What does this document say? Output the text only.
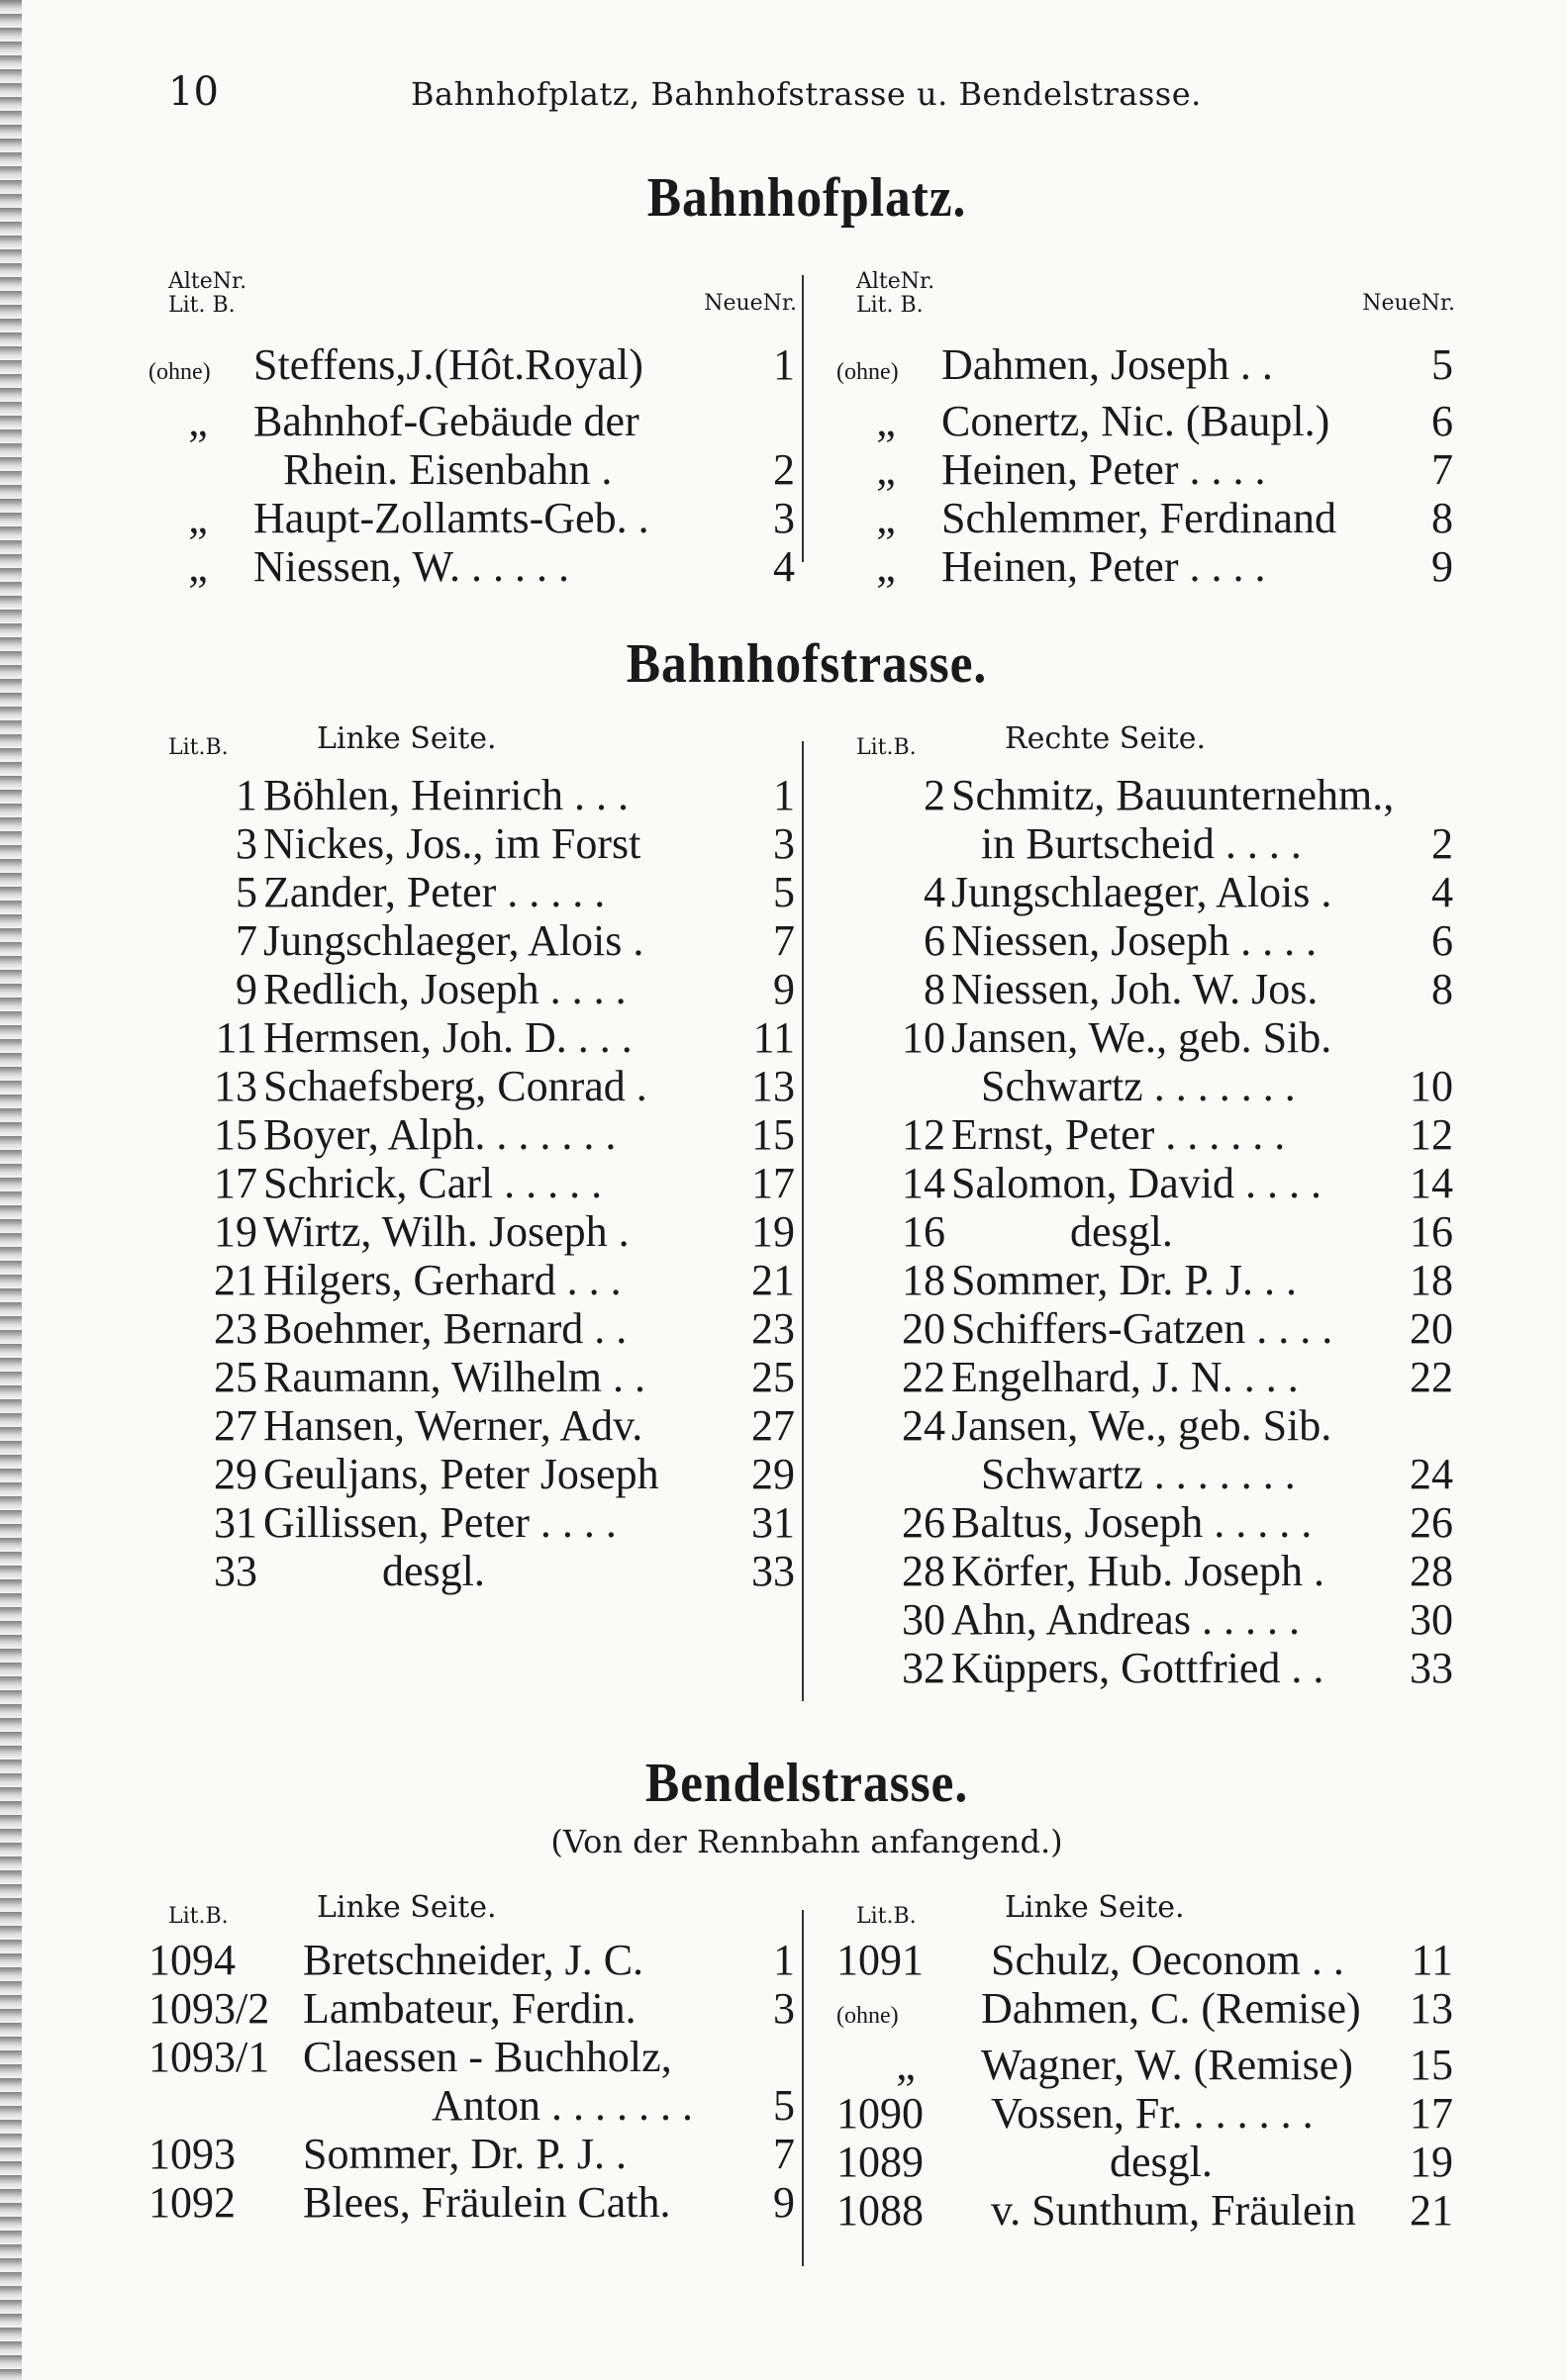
10	Bahnhofplatz, Bahnhofstrasse u. Bendelstrasse.
Bahnhofplatz.
AlteNr.
Lit. B.	NeueNr.
(ohne) Steffens,J.(Hôt.Royal)	1
„	Bahnhof-Gebäude der
Rhein. Eisenbahn .	2
„	Haupt-Zollamts-Geb. .	3
„	Niessen, W. . . . . .	4
AlteNr.
Lit. B.	NeueNr.
(ohne) Dahmen, Joseph . .	5
„	Conertz, Nic. (Baupl.)	6
„	Heinen, Peter . . . .	7
„	Schlemmer, Ferdinand	8
„	Heinen, Peter . . . .	9
Bahnhofstrasse.
Lit.B.	Linke Seite.
1 Böhlen, Heinrich . . .	1
3 Nickes, Jos., im Forst	3
5 Zander, Peter . . . . .	5
7 Jungschlaeger, Alois .	7
9 Redlich, Joseph . . . .	9
11 Hermsen, Joh. D. . . .	11
13 Schaefsberg, Conrad .	13
15 Boyer, Alph. . . . . . .	15
17 Schrick, Carl . . . . .	17
19 Wirtz, Wilh. Joseph .	19
21 Hilgers, Gerhard . . .	21
23 Boehmer, Bernard . .	23
25 Raumann, Wilhelm . .	25
27 Hansen, Werner, Adv.	27
29 Geuljans, Peter Joseph	29
31 Gillissen, Peter . . . .	31
33	desgl.	33
Lit.B.	Rechte Seite.
2 Schmitz, Bauunternehm.,
in Burtscheid . . . .	2
4 Jungschlaeger, Alois .	4
6 Niessen, Joseph . . . .	6
8 Niessen, Joh. W. Jos.	8
10 Jansen, We., geb. Sib.
Schwartz . . . . . . .	10
12 Ernst, Peter . . . . . .	12
14 Salomon, David . . . .	14
16	desgl.	16
18 Sommer, Dr. P. J. . .	18
20 Schiffers-Gatzen . . . .	20
22 Engelhard, J. N. . . .	22
24 Jansen, We., geb. Sib.
Schwartz . . . . . . .	24
26 Baltus, Joseph . . . . .	26
28 Körfer, Hub. Joseph .	28
30 Ahn, Andreas . . . . .	30
32 Küppers, Gottfried . .	33
Bendelstrasse.
(Von der Rennbahn anfangend.)
Lit.B.	Linke Seite.
1094	Bretschneider, J. C.	1
1093/2 Lambateur, Ferdin.	3
1093/1 Claessen - Buchholz,
Anton . . . . . . .	5
1093	Sommer, Dr. P. J. .	7
1092	Blees, Fräulein Cath.	9
Lit.B.	Linke Seite.
1091	Schulz, Oeconom . .	11
(ohne)	Dahmen, C. (Remise)	13
„	Wagner, W. (Remise)	15
1090	Vossen, Fr. . . . . . .	17
1089	desgl.	19
1088	v. Sunthum, Fräulein	21
